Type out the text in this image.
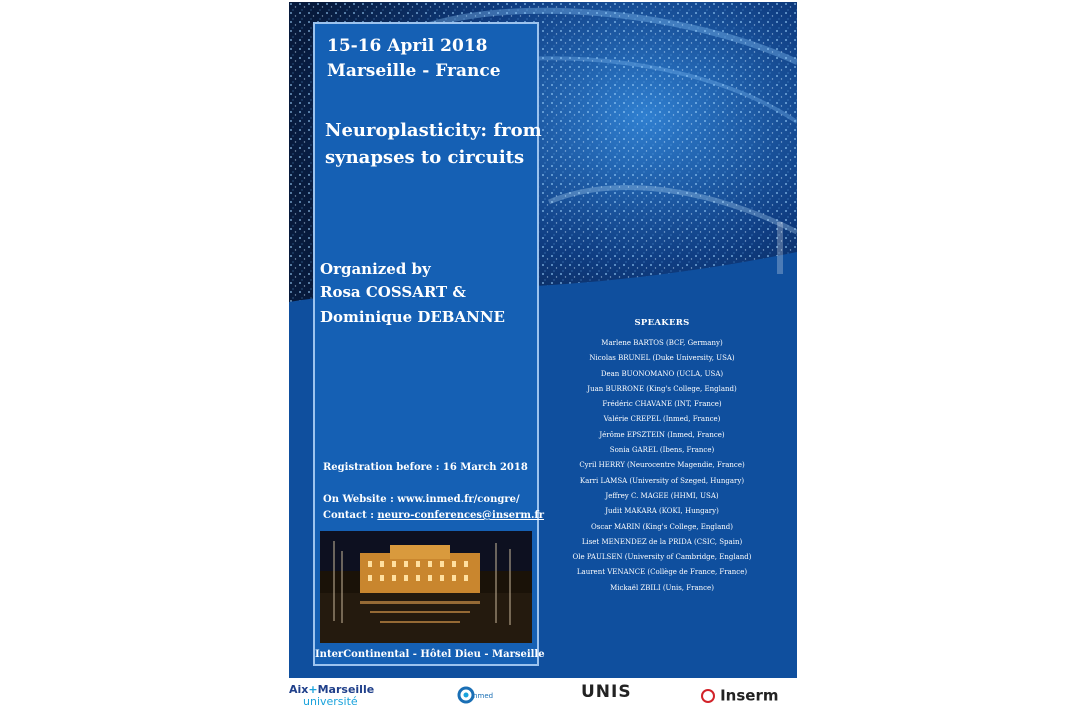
15-16 April 2018
Marseille - France
Neuroplasticity: from
synapses to circuits
Organized by
Rosa COSSART &
Dominique DEBANNE
Registration before : 16 March 2018
On Website : www.inmed.fr/congre/
Contact : neuro-conferences@inserm.fr
InterContinental - Hôtel Dieu - Marseille
SPEAKERS
Marlene BARTOS (BCF, Germany)
Nicolas BRUNEL (Duke University, USA)
Dean BUONOMANO (UCLA, USA)
Juan BURRONE (King's College, England)
Frédéric CHAVANE (INT, France)
Valérie CREPEL (Inmed, France)
Jérôme EPSZTEIN (Inmed, France)
Sonia GAREL (Ibens, France)
Cyril HERRY (Neurocentre Magendie, France)
Karri LAMSA (University of Szeged, Hungary)
Jeffrey C. MAGEE (HHMI, USA)
Judit MAKARA (KOKI, Hungary)
Oscar MARIN (King's College, England)
Liset MENENDEZ de la PRIDA (CSIC, Spain)
Ole PAULSEN (University of Cambridge, England)
Laurent VENANCE (Collège de France, France)
Mickaël ZBILI (Unis, France)
Aix+Marseille
université	Inmed	UNIS	Inserm
